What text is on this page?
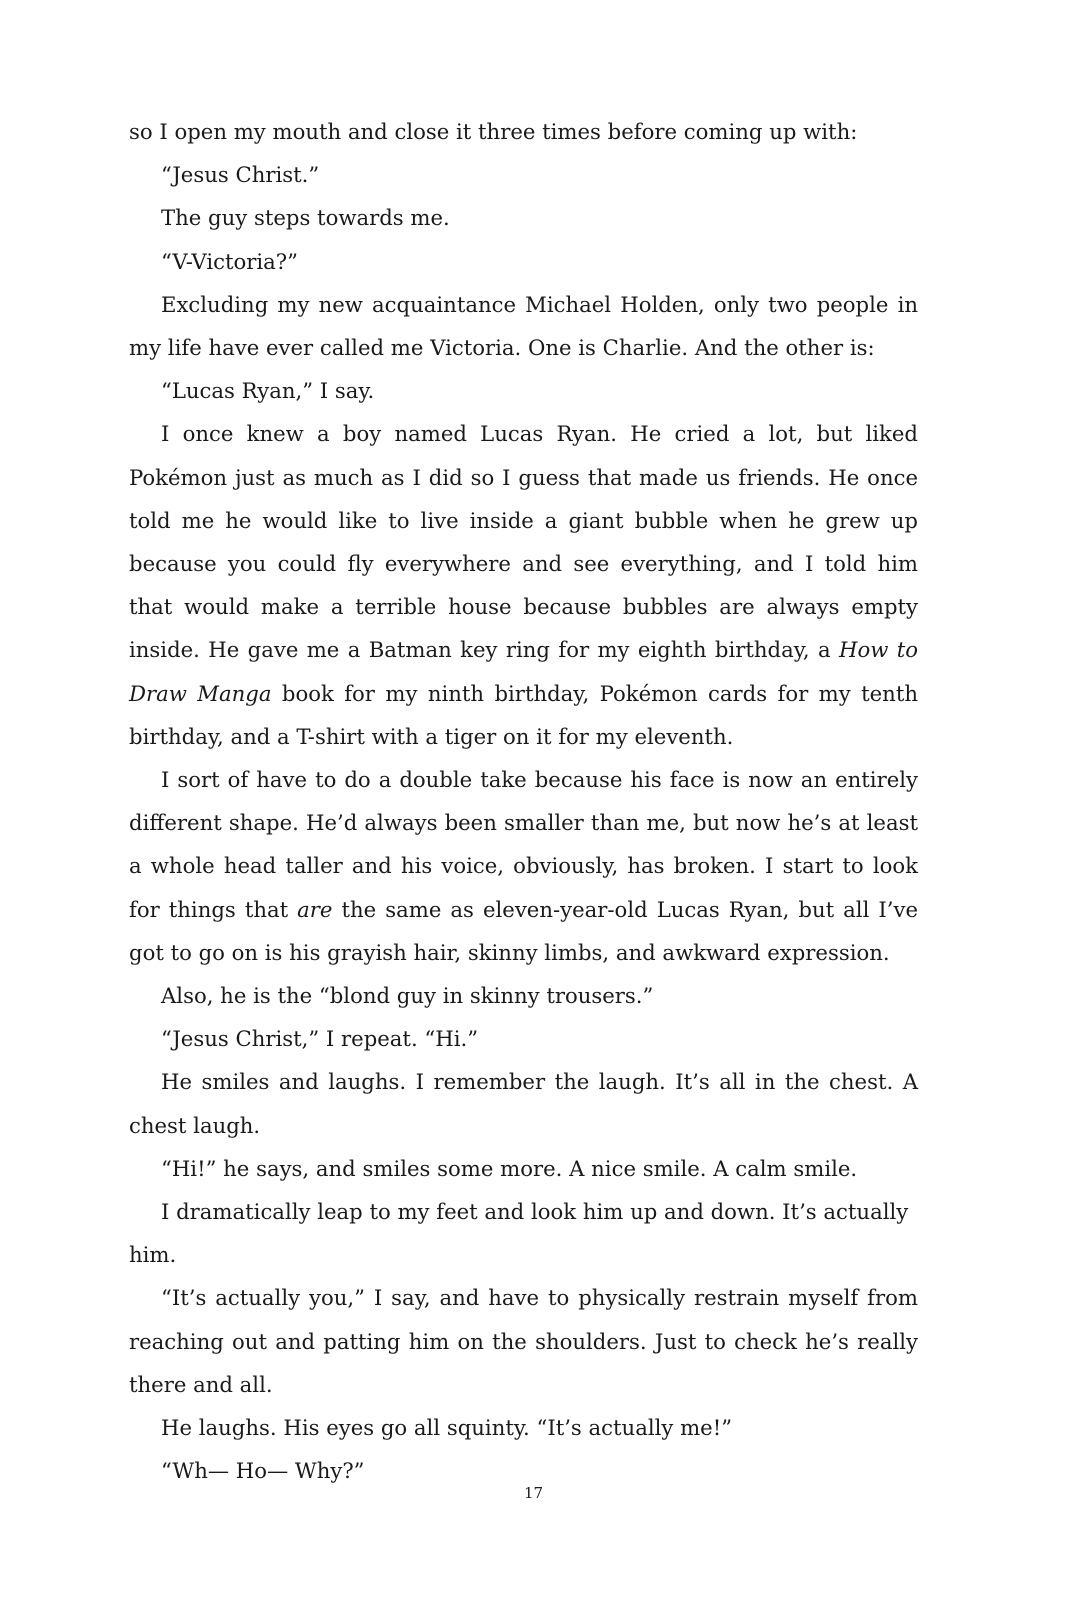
so I open my mouth and close it three times before coming up with:

“Jesus Christ.”

The guy steps towards me.

“V-Victoria?”

Excluding my new acquaintance Michael Holden, only two people in my life have ever called me Victoria. One is Charlie. And the other is:

“Lucas Ryan,” I say.

I once knew a boy named Lucas Ryan. He cried a lot, but liked Pokémon just as much as I did so I guess that made us friends. He once told me he would like to live inside a giant bubble when he grew up because you could fly everywhere and see everything, and I told him that would make a terrible house because bubbles are always empty inside. He gave me a Batman key ring for my eighth birthday, a How to Draw Manga book for my ninth birthday, Pokémon cards for my tenth birthday, and a T-shirt with a tiger on it for my eleventh.

I sort of have to do a double take because his face is now an entirely different shape. He’d always been smaller than me, but now he’s at least a whole head taller and his voice, obviously, has broken. I start to look for things that are the same as eleven-year-old Lucas Ryan, but all I’ve got to go on is his grayish hair, skinny limbs, and awkward expression.

Also, he is the “blond guy in skinny trousers.”

“Jesus Christ,” I repeat. “Hi.”

He smiles and laughs. I remember the laugh. It’s all in the chest. A chest laugh.

“Hi!” he says, and smiles some more. A nice smile. A calm smile.

I dramatically leap to my feet and look him up and down. It’s actually him.

“It’s actually you,” I say, and have to physically restrain myself from reaching out and patting him on the shoulders. Just to check he’s really there and all.

He laughs. His eyes go all squinty. “It’s actually me!”

“Wh— Ho— Why?”

17
